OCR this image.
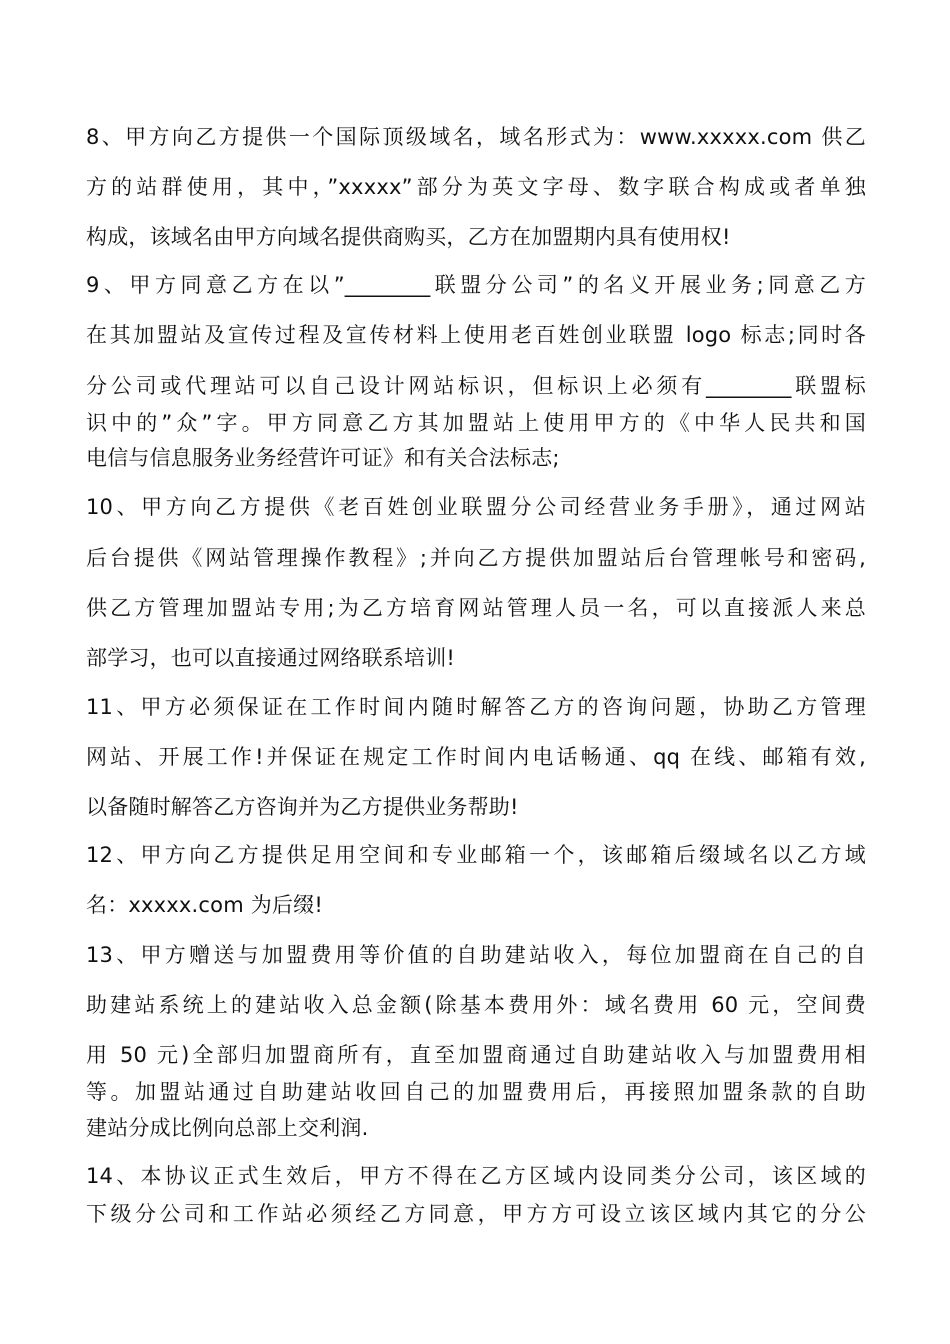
8、甲方向乙方提供一个国际顶级域名，域名形式为：www.xxxxx.com 供乙
方的站群使用，其中，”xxxxx”部分为英文字母、数字联合构成或者单独
构成，该域名由甲方向域名提供商购买，乙方在加盟期内具有使用权!
9、甲方同意乙方在以”________联盟分公司”的名义开展业务;同意乙方
在其加盟站及宣传过程及宣传材料上使用老百姓创业联盟 logo 标志;同时各
分公司或代理站可以自己设计网站标识，但标识上必须有________联盟标
识中的”众”字。甲方同意乙方其加盟站上使用甲方的《中华人民共和国
电信与信息服务业务经营许可证》和有关合法标志;
10、甲方向乙方提供《老百姓创业联盟分公司经营业务手册》，通过网站
后台提供《网站管理操作教程》;并向乙方提供加盟站后台管理帐号和密码,
供乙方管理加盟站专用;为乙方培育网站管理人员一名，可以直接派人来总
部学习，也可以直接通过网络联系培训!
11、甲方必须保证在工作时间内随时解答乙方的咨询问题，协助乙方管理
网站、开展工作!并保证在规定工作时间内电话畅通、qq 在线、邮箱有效,
以备随时解答乙方咨询并为乙方提供业务帮助!
12、甲方向乙方提供足用空间和专业邮箱一个，该邮箱后缀域名以乙方域
名：xxxxx.com 为后缀!
13、甲方赠送与加盟费用等价值的自助建站收入，每位加盟商在自己的自
助建站系统上的建站收入总金额(除基本费用外：域名费用 60 元，空间费
用 50 元)全部归加盟商所有，直至加盟商通过自助建站收入与加盟费用相
等。加盟站通过自助建站收回自己的加盟费用后，再接照加盟条款的自助
建站分成比例向总部上交利润.
14、本协议正式生效后，甲方不得在乙方区域内设同类分公司，该区域的
下级分公司和工作站必须经乙方同意，甲方方可设立该区域内其它的分公
